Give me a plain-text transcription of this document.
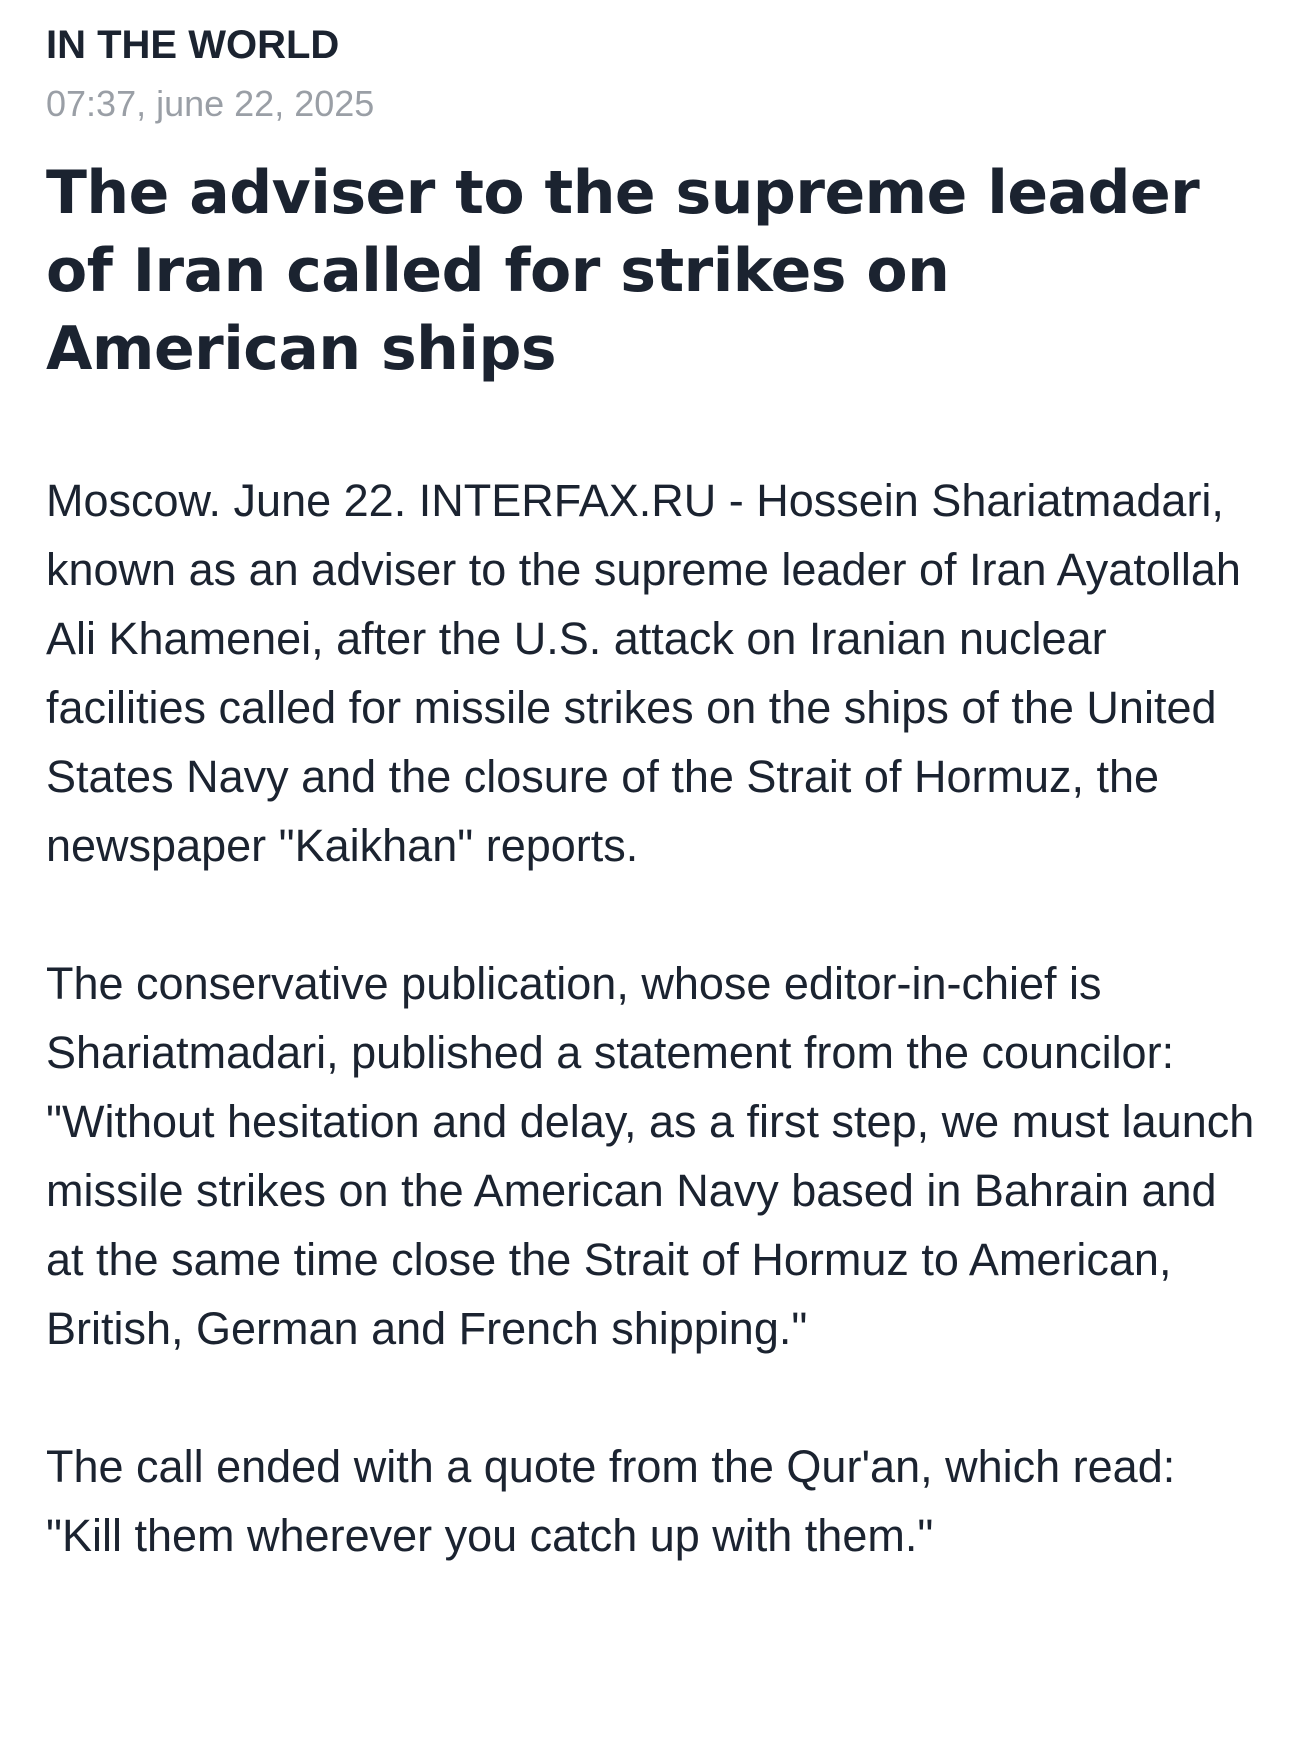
IN THE WORLD
07:37, june 22, 2025
The adviser to the supreme leader of Iran called for strikes on American ships

Moscow. June 22. INTERFAX.RU - Hossein Shariatmadari, known as an adviser to the supreme leader of Iran Ayatollah Ali Khamenei, after the U.S. attack on Iranian nuclear facilities called for missile strikes on the ships of the United States Navy and the closure of the Strait of Hormuz, the newspaper "Kaikhan" reports.

The conservative publication, whose editor-in-chief is Shariatmadari, published a statement from the councilor: "Without hesitation and delay, as a first step, we must launch missile strikes on the American Navy based in Bahrain and at the same time close the Strait of Hormuz to American, British, German and French shipping."

The call ended with a quote from the Qur'an, which read: "Kill them wherever you catch up with them."
